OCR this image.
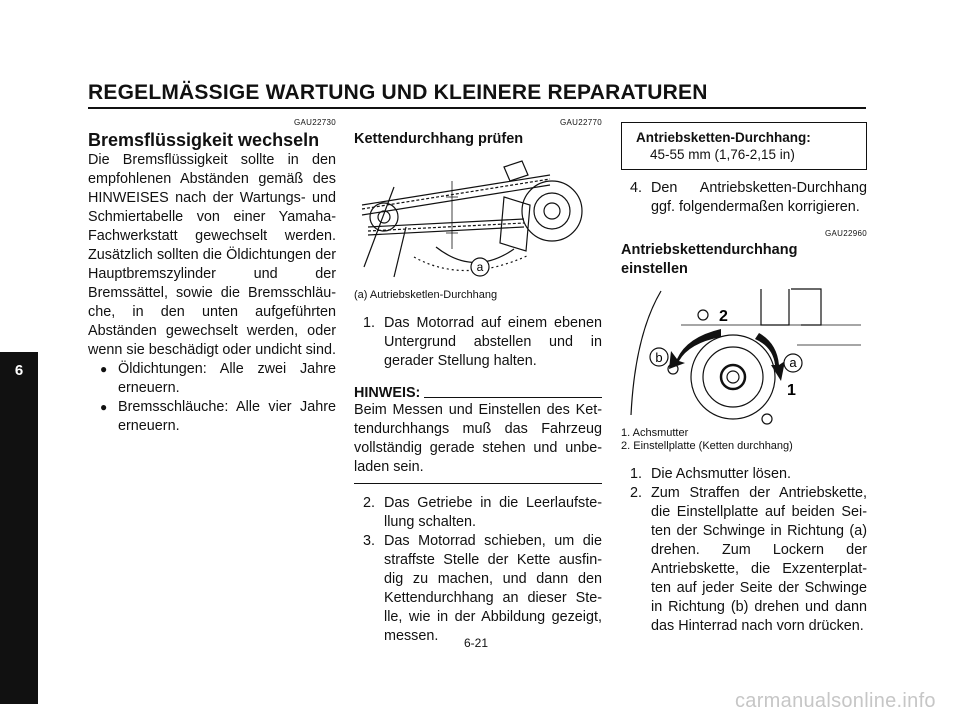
REGELMÄSSIGE WARTUNG UND KLEINERE REPARATUREN
6
GAU22730
Bremsflüssigkeit wechseln

Die Bremsflüssigkeit sollte in den empfohlenen Abständen gemäß des HINWEISES nach der Wartungs- und Schmiertabelle von einer Yamaha-Fachwerkstatt gewechselt werden. Zusätzlich sollten die Öldichtungen der Hauptbremszylinder und der Bremssättel, sowie die Bremsschläu-che, in den unten aufgeführten Abständen gewechselt werden, oder wenn sie beschädigt oder undicht sind.

● Öldichtungen: Alle zwei Jahre erneuern.
● Bremsschläuche: Alle vier Jahre erneuern.
GAU22770
Kettendurchhang prüfen
a
(a) Autriebsketlen-Durchhang
1. Das Motorrad auf einem ebenen Untergrund abstellen und in gerader Stellung halten.
HINWEIS:

Beim Messen und Einstellen des Ket-tendurchhangs muß das Fahrzeug vollständig gerade stehen und unbe-laden sein.

2. Das Getriebe in die Leerlaufste-llung schalten.
3. Das Motorrad schieben, um die straffste Stelle der Kette ausfin-dig zu machen, und dann den Kettendurchhang an dieser Ste-lle, wie in der Abbildung gezeigt, messen.
Antriebsketten-Durchhang:
45-55 mm (1,76-2,15 in)
4. Den Antriebsketten-Durchhang ggf. folgendermaßen korrigieren.
GAU22960
Antriebskettendurchhang einstellen
2
b	a
1
1. Achsmutter
2. Einstellplatte (Ketten durchhang)
1. Die Achsmutter lösen.
2. Zum Straffen der Antriebskette, die Einstellplatte auf beiden Sei-ten der Schwinge in Richtung (a) drehen. Zum Lockern der Antriebskette, die Exzenterplat-ten auf jeder Seite der Schwinge in Richtung (b) drehen und dann das Hinterrad nach vorn drücken.
6-21
carmanualsonline.info
